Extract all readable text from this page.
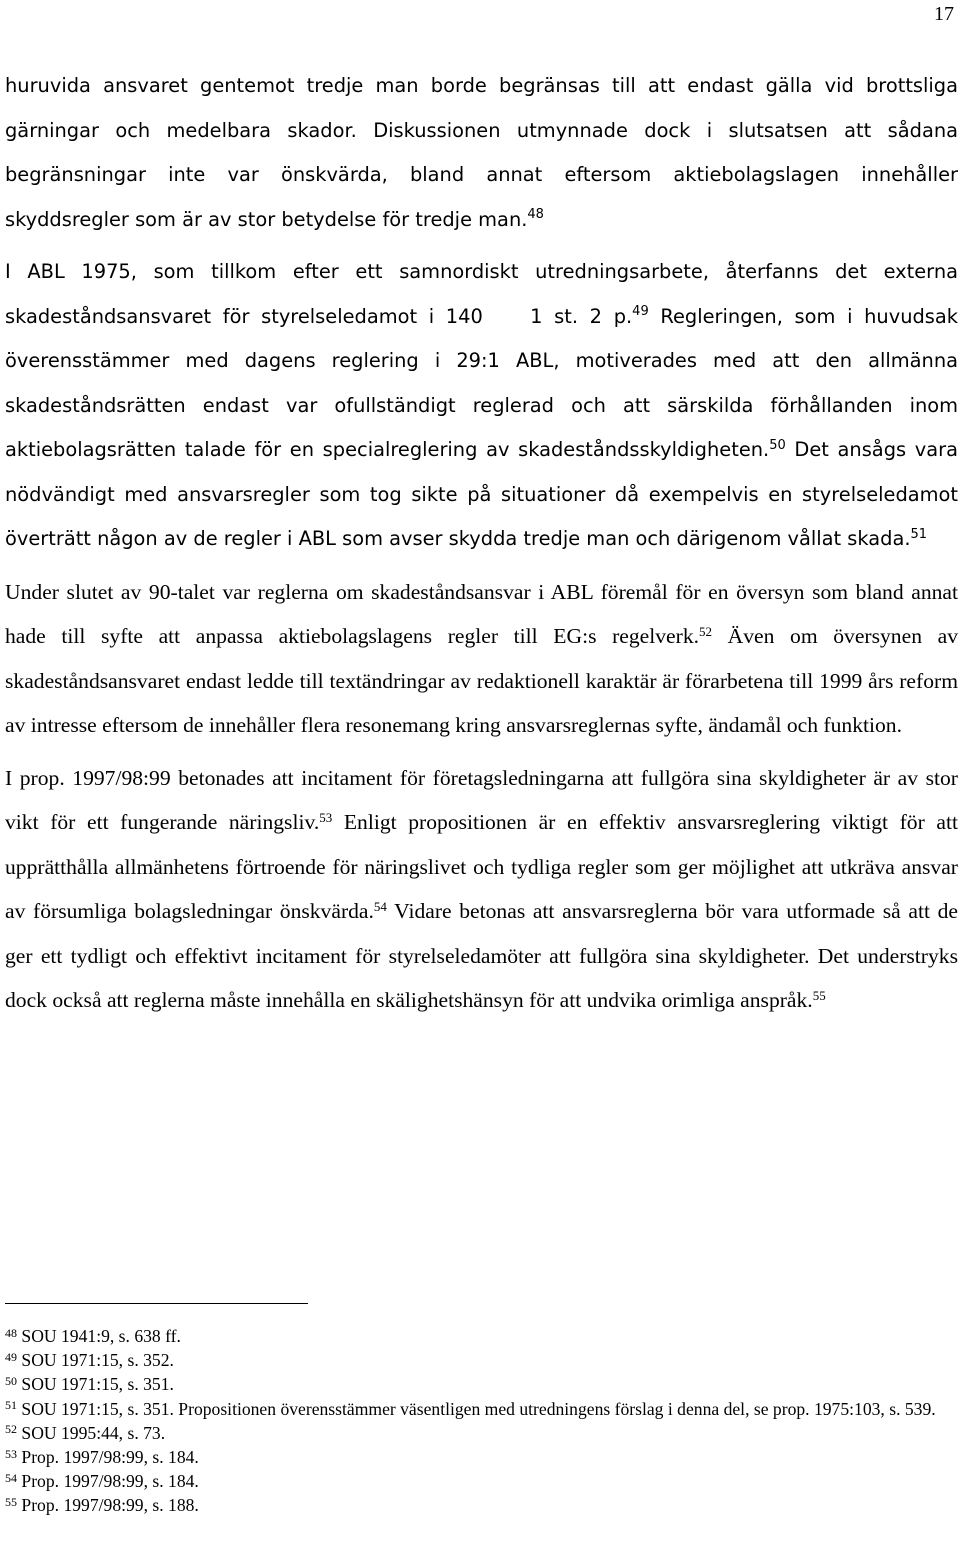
17

huruvida ansvaret gentemot tredje man borde begränsas till att endast gälla vid brottsliga gärningar och medelbara skador. Diskussionen utmynnade dock i slutsatsen att sådana begränsningar inte var önskvärda, bland annat eftersom aktiebolagslagen innehåller skyddsregler som är av stor betydelse för tredje man.$^{48}$

I ABL 1975, som tillkom efter ett samnordiskt utredningsarbete, återfanns det externa skadeståndsansvaret för styrelseledamot i 140  1 st. 2 p.$^{49}$ Regleringen, som i huvudsak överensstämmer med dagens reglering i 29:1 ABL, motiverades med att den allmänna skadeståndsrätten endast var ofullständigt reglerad och att särskilda förhållanden inom aktiebolagsrätten talade för en specialreglering av skadeståndsskyldigheten.$^{50}$ Det ansågs vara nödvändigt med ansvarsregler som tog sikte på situationer då exempelvis en styrelseledamot överträtt någon av de regler i ABL som avser skydda tredje man och därigenom vållat skada.$^{51}$

Under slutet av 90-talet var reglerna om skadeståndsansvar i ABL föremål för en översyn som bland annat hade till syfte att anpassa aktiebolagslagens regler till EG:s regelverk.$^{52}$ Även om översynen av skadeståndsansvaret endast ledde till textändringar av redaktionell karaktär är förarbetena till 1999 års reform av intresse eftersom de innehåller flera resonemang kring ansvarsreglernas syfte, ändamål och funktion.

I prop. 1997/98:99 betonades att incitament för företagsledningarna att fullgöra sina skyldigheter är av stor vikt för ett fungerande näringsliv.$^{53}$ Enligt propositionen är en effektiv ansvarsreglering viktigt för att upprätthålla allmänhetens förtroende för näringslivet och tydliga regler som ger möjlighet att utkräva ansvar av försumliga bolagsledningar önskvärda.$^{54}$ Vidare betonas att ansvarsreglerna bör vara utformade så att de ger ett tydligt och effektivt incitament för styrelseledamöter att fullgöra sina skyldigheter. Det understryks dock också att reglerna måste innehålla en skälighetshänsyn för att undvika orimliga anspråk.$^{55}$

$^{48}$ SOU 1941:9, s. 638 ff.

$^{49}$ SOU 1971:15, s. 352.

$^{50}$ SOU 1971:15, s. 351.

$^{51}$ SOU 1971:15, s. 351. Propositionen överensstämmer väsentligen med utredningens förslag i denna del, se prop. 1975:103, s. 539.

$^{52}$ SOU 1995:44, s. 73.

$^{53}$ Prop. 1997/98:99, s. 184.

$^{54}$ Prop. 1997/98:99, s. 184.

$^{55}$ Prop. 1997/98:99, s. 188.
